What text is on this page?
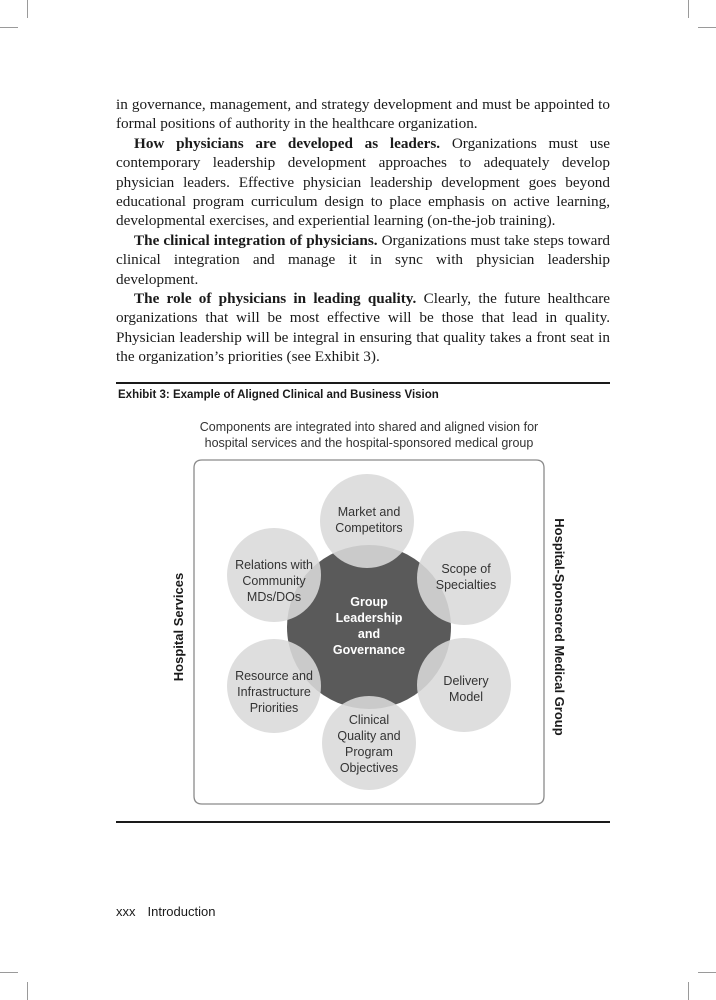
in governance, management, and strategy development and must be appointed to formal positions of authority in the healthcare organization.

How physicians are developed as leaders. Organizations must use contemporary leadership development approaches to adequately develop physician leaders. Effective physician leadership development goes beyond educational program curriculum design to place emphasis on active learning, developmental exercises, and experiential learning (on-the-job training).

The clinical integration of physicians. Organizations must take steps toward clinical integration and manage it in sync with physician leadership development.

The role of physicians in leading quality. Clearly, the future healthcare organizations that will be most effective will be those that lead in quality. Physician leadership will be integral in ensuring that quality takes a front seat in the organization’s priorities (see Exhibit 3).

Exhibit 3: Example of Aligned Clinical and Business Vision
Components are integrated into shared and aligned vision for
hospital services and the hospital-sponsored medical group
Hospital Services	Hospital-Sponsored Medical Group
Group
Leadership
and
Governance
Market and
Competitors
Scope of
Specialties
Delivery
Model
Clinical
Quality and
Program
Objectives
Resource and
Infrastructure
Priorities
Relations with
Community
MDs/DOs
xxx Introduction
